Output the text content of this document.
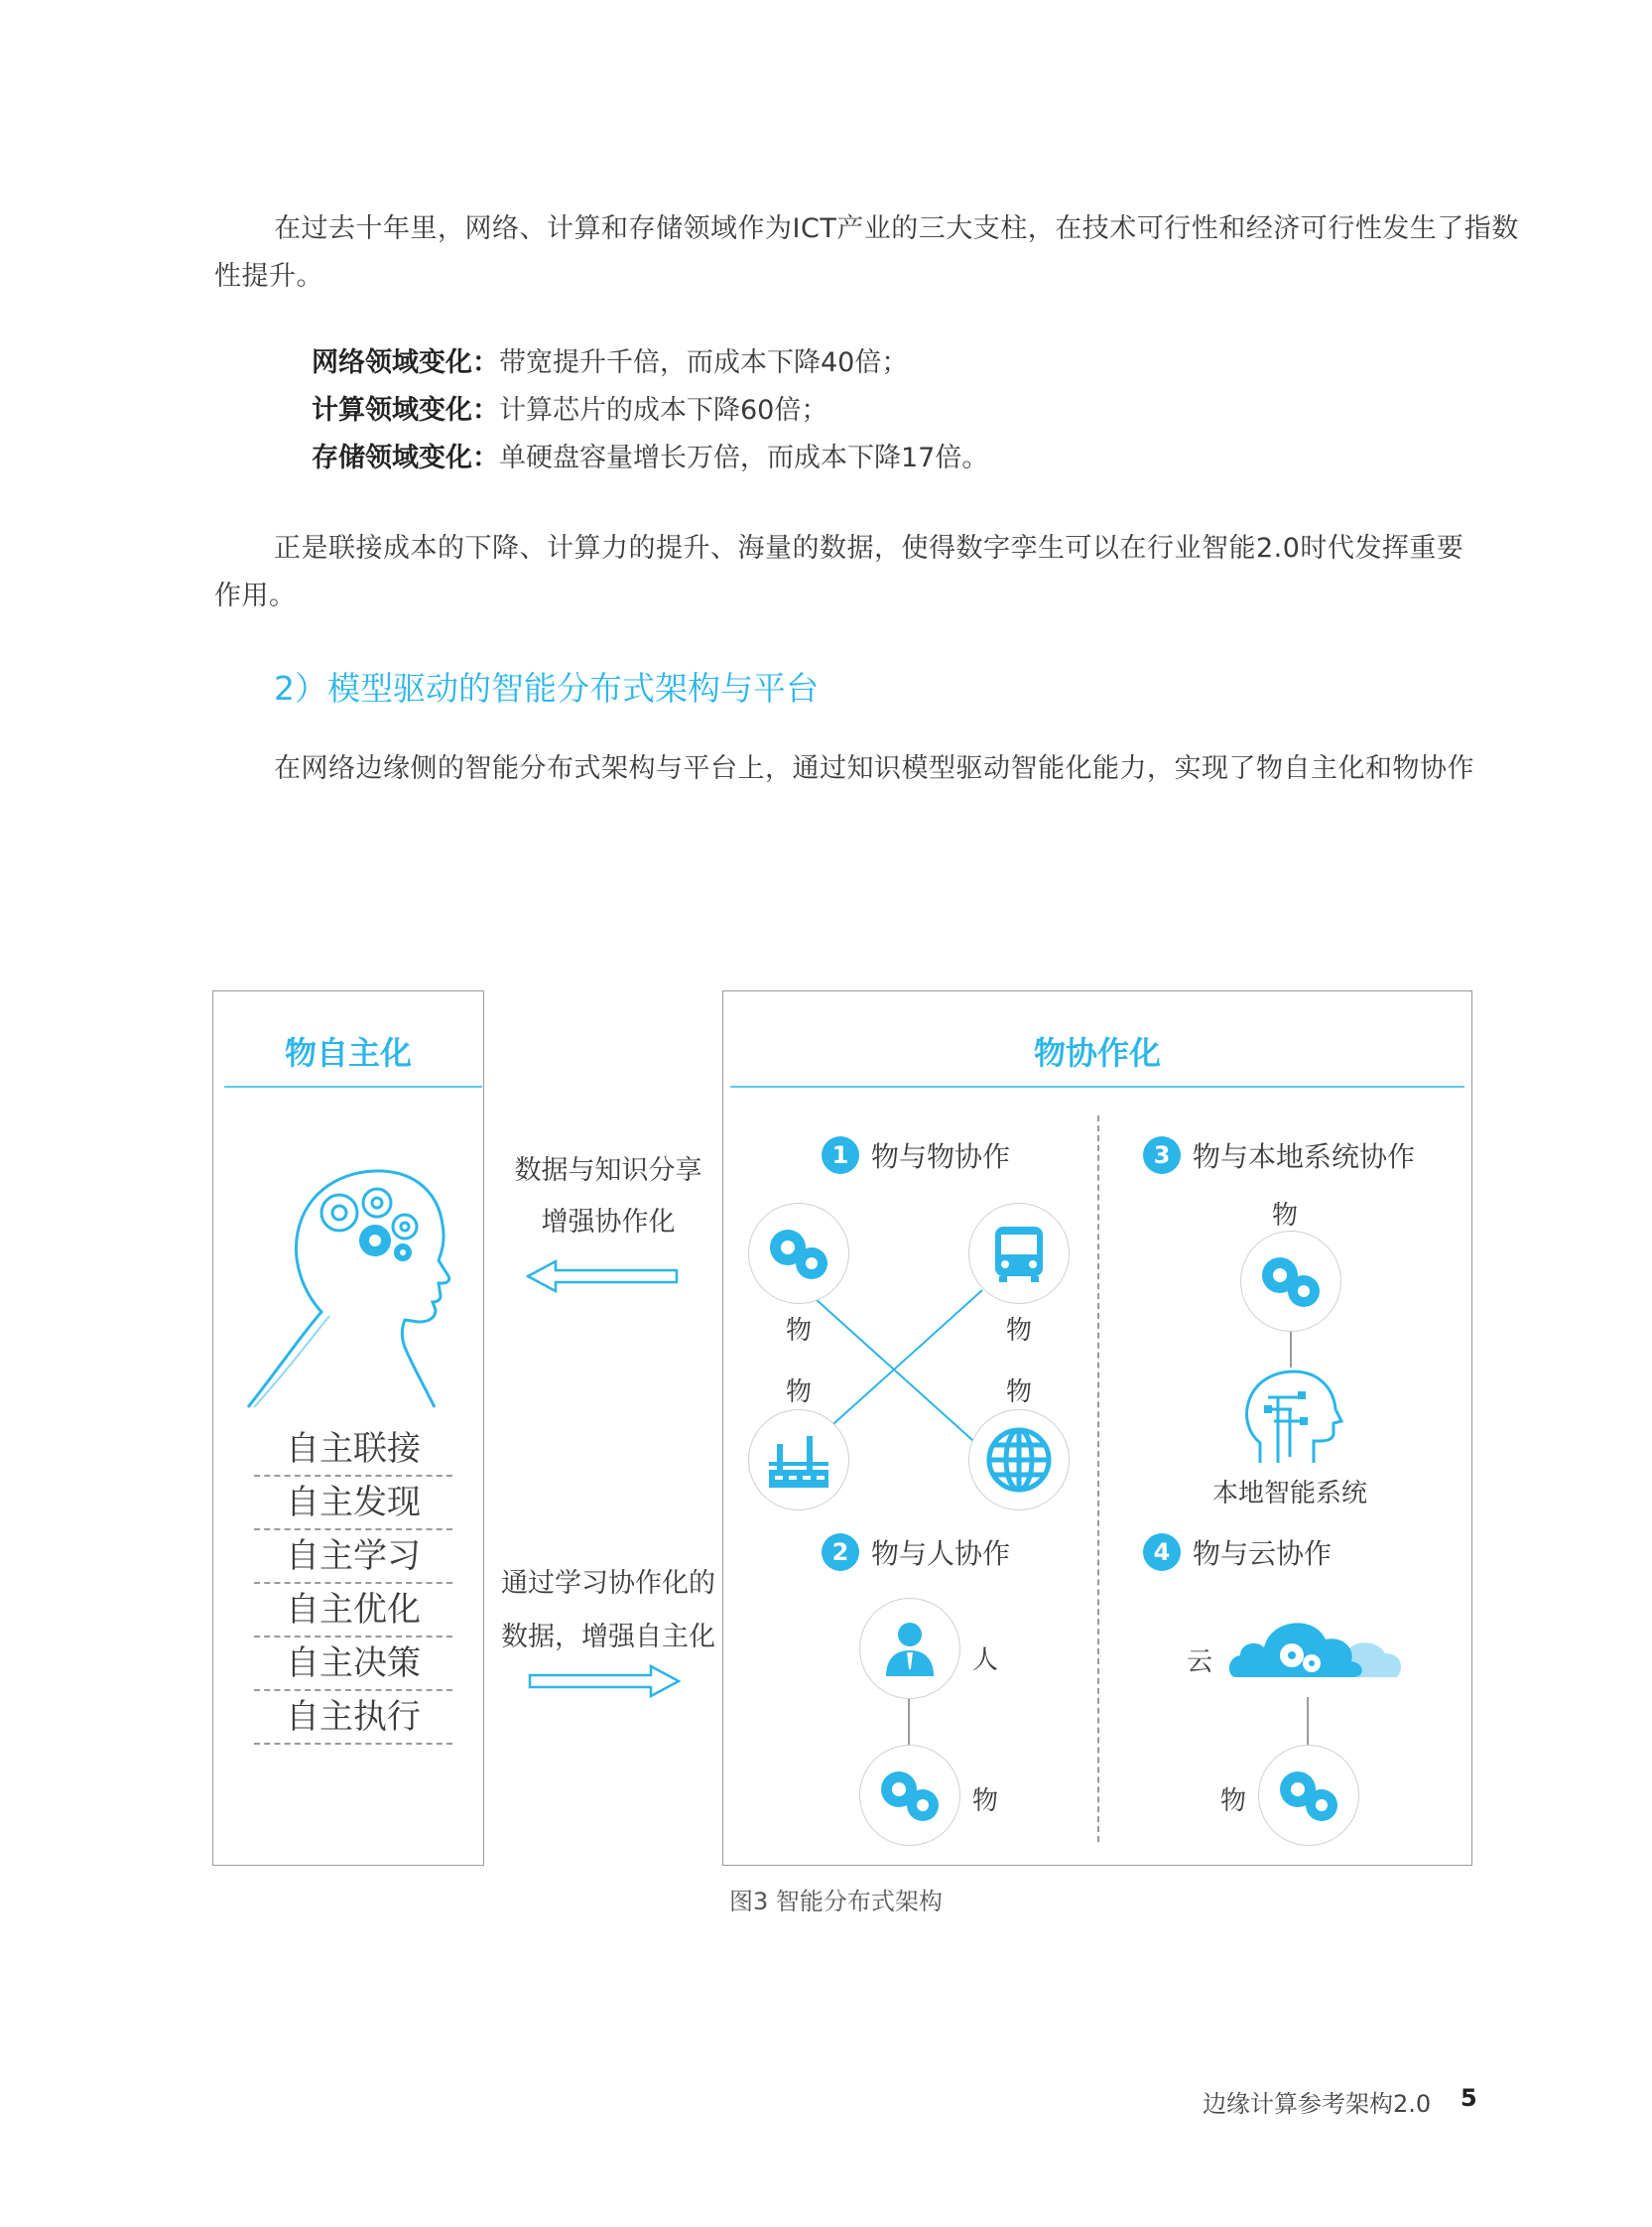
在过去十年里，网络、计算和存储领域作为ICT产业的三大支柱，在技术可行性和经济可行性发生了指数
性提升。
网络领域变化：带宽提升千倍，而成本下降40倍；
计算领域变化：计算芯片的成本下降60倍；
存储领域变化：单硬盘容量增长万倍，而成本下降17倍。
正是联接成本的下降、计算力的提升、海量的数据，使得数字孪生可以在行业智能2.0时代发挥重要
作用。
2）模型驱动的智能分布式架构与平台
在网络边缘侧的智能分布式架构与平台上，通过知识模型驱动智能化能力，实现了物自主化和物协作
物自主化
自主联接
自主发现
自主学习
自主优化
自主决策
自主执行
数据与知识分享
增强协作化
通过学习协作化的
数据，增强自主化
物协作化
1 物与物协作
物	物
物	物
2 物与人协作
人
物
3 物与本地系统协作
物
本地智能系统
4 物与云协作
云
物
图3 智能分布式架构
边缘计算参考架构2.0 5
